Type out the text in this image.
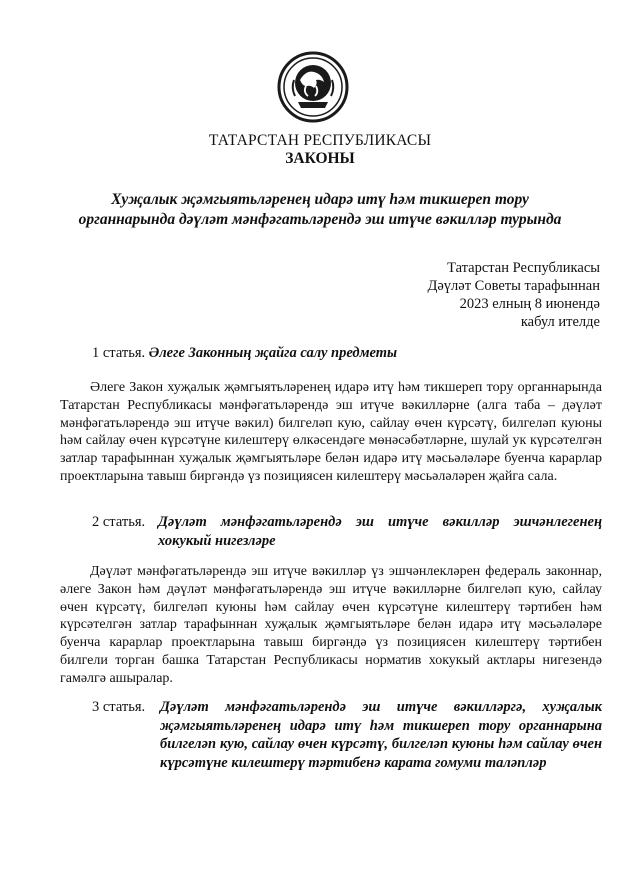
ТАТАРСТАН РЕСПУБЛИКАСЫ
ЗАКОНЫ
Хуҗалык җәмгыятьләренең идарә итү һәм тикшереп тору
органнарында дәүләт мәнфәгатьләрендә эш итүче вәкилләр турында
Татарстан Республикасы
Дәүләт Советы тарафыннан
2023 елның 8 июнендә
кабул ителде
1 статья. Әлеге Законның җайга салу предметы
Әлеге Закон хуҗалык җәмгыятьләренең идарә итү һәм тикшереп тору органнарында Татарстан Республикасы мәнфәгатьләрендә эш итүче вәкилләрне (алга таба – дәүләт мәнфәгатьләрендә эш итүче вәкил) билгеләп кую, сайлау өчен күрсәтү, билгеләп куюны һәм сайлау өчен күрсәтүне килештерү өлкәсендәге мөнәсәбәтләрне, шулай ук күрсәтелгән затлар тарафыннан хуҗалык җәмгыятьләре белән идарә итү мәсьәләләре буенча карарлар проектларына тавыш биргәндә үз позициясен килештерү мәсьәләләрен җайга сала.
2 статья. Дәүләт мәнфәгатьләрендә эш итүче вәкилләр эшчәнлегенең хокукый нигезләре
Дәүләт мәнфәгатьләрендә эш итүче вәкилләр үз эшчәнлекләрен федераль законнар, әлеге Закон һәм дәүләт мәнфәгатьләрендә эш итүче вәкилләрне билгеләп кую, сайлау өчен күрсәтү, билгеләп куюны һәм сайлау өчен күрсәтүне килештерү тәртибен һәм күрсәтелгән затлар тарафыннан хуҗалык җәмгыятьләре белән идарә итү мәсьәләләре буенча карарлар проектларына тавыш биргәндә үз позициясен килештерү тәртибен билгели торган башка Татарстан Республикасы норматив хокукый актлары нигезендә гамәлгә ашыралар.
3 статья. Дәүләт мәнфәгатьләрендә эш итүче вәкилләргә, хуҗалык җәмгыятьләренең идарә итү һәм тикшереп тору органнарына билгеләп кую, сайлау өчен күрсәтү, билгеләп куюны һәм сайлау өчен күрсәтүне килештерү тәртибенә карата гомуми таләпләр
